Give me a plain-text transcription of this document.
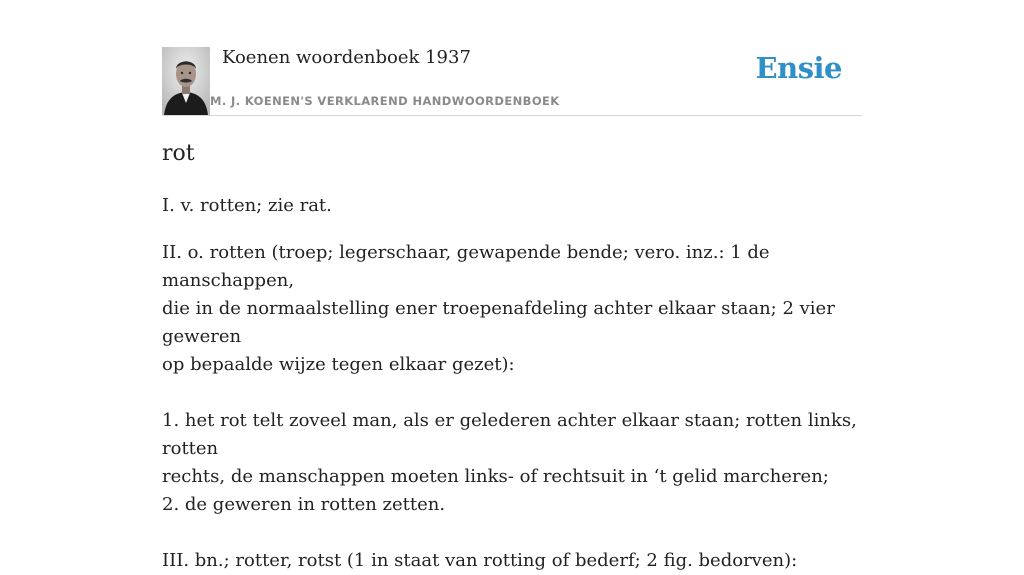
Koenen woordenboek 1937
M. J. KOENEN'S VERKLAREND HANDWOORDENBOEK
Ensie
rot

I. v. rotten; zie rat.

II. o. rotten (troep; legerschaar, gewapende bende; vero. inz.: 1 de manschappen,
die in de normaalstelling ener troepenafdeling achter elkaar staan; 2 vier geweren
op bepaalde wijze tegen elkaar gezet):
1. het rot telt zoveel man, als er gelederen achter elkaar staan; rotten links, rotten
rechts, de manschappen moeten links- of rechtsuit in ‘t gelid marcheren;
2. de geweren in rotten zetten.
III. bn.; rotter, rotst (1 in staat van rotting of bederf; 2 fig. bedorven):
